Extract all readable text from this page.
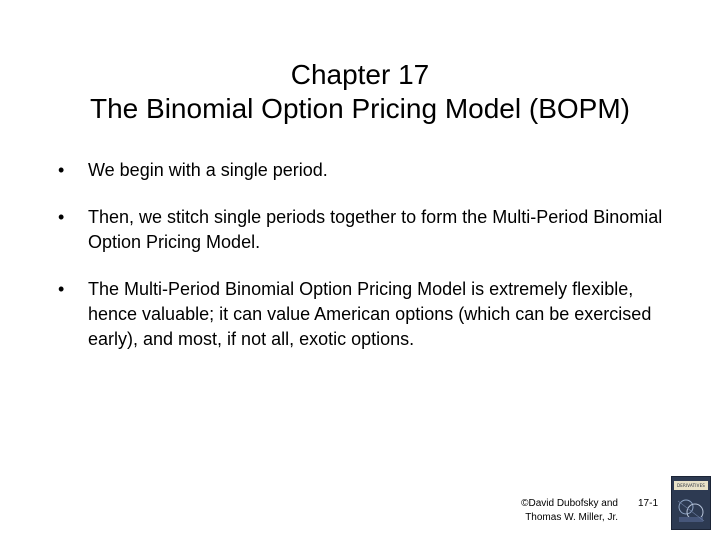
Chapter 17
The Binomial Option Pricing Model (BOPM)
•	We begin with a single period.
•	Then, we stitch single periods together to form the Multi-Period Binomial Option Pricing Model.
•	The Multi-Period Binomial Option Pricing Model is extremely flexible, hence valuable; it can value American options (which can be exercised early), and most, if not all, exotic options.
©David Dubofsky and	17-1
Thomas W. Miller, Jr.
DERIVATIVES
